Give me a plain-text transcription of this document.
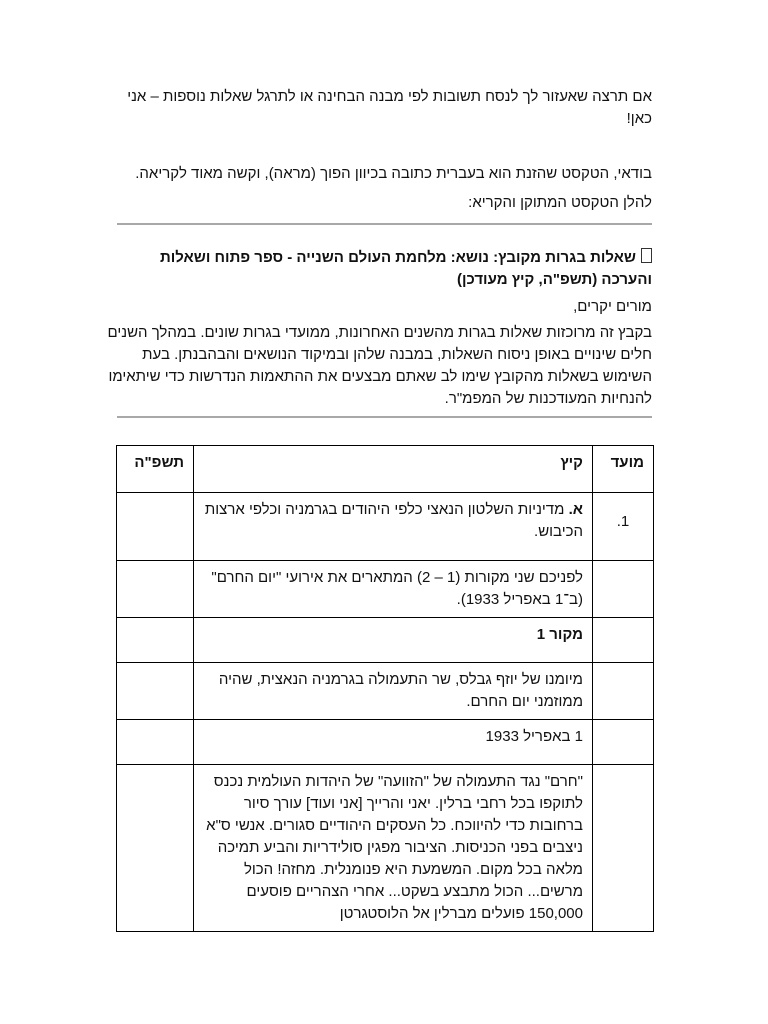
אם תרצה שאעזור לך לנסח תשובות לפי מבנה הבחינה או לתרגל שאלות נוספות – אני כאן!

בודאי, הטקסט שהזנת הוא בעברית כתובה בכיוון הפוך (מראה), וקשה מאוד לקריאה.

להלן הטקסט המתוקן והקריא:

שאלות בגרות מקובץ: נושא: מלחמת העולם השנייה - ספר פתוח ושאלות והערכה (תשפ"ה, קיץ מעודכן)

מורים יקרים,

בקבץ זה מרוכזות שאלות בגרות מהשנים האחרונות, ממועדי בגרות שונים. במהלך השנים חלים שינויים באופן ניסוח השאלות, במבנה שלהן ובמיקוד הנושאים והבהבנתן. בעת השימוש בשאלות מהקובץ שימו לב שאתם מבצעים את ההתאמות הנדרשות כדי שיתאימו להנחיות המעודכנות של המפמ"ר.

מועד	קיץ	תשפ"ה
1.	א. מדיניות השלטון הנאצי כלפי היהודים בגרמניה וכלפי ארצות הכיבוש.	
	לפניכם שני מקורות (1 – 2) המתארים את אירועי "יום החרם" (ב־1 באפריל 1933).	
	מקור 1	
	מיומנו של יוזף גבלס, שר התעמולה בגרמניה הנאצית, שהיה ממוזמני יום החרם.	
	1 באפריל 1933	
	"חרם" נגד התעמולה של "הזוועה" של היהדות העולמית נכנס לתוקפו בכל רחבי ברלין. יאני והרייך [אני ועוד] עורך סיור ברחובות כדי להיווכח. כל העסקים היהודיים סגורים. אנשי ס"א ניצבים בפני הכניסות. הציבור מפגין סולידריות והביע תמיכה מלאה בכל מקום. המשמעת היא פנומנלית. מחזה! הכול מרשים... הכול מתבצע בשקט... אחרי הצהריים פוסעים 150,000 פועלים מברלין אל הלוסטגרטן	
